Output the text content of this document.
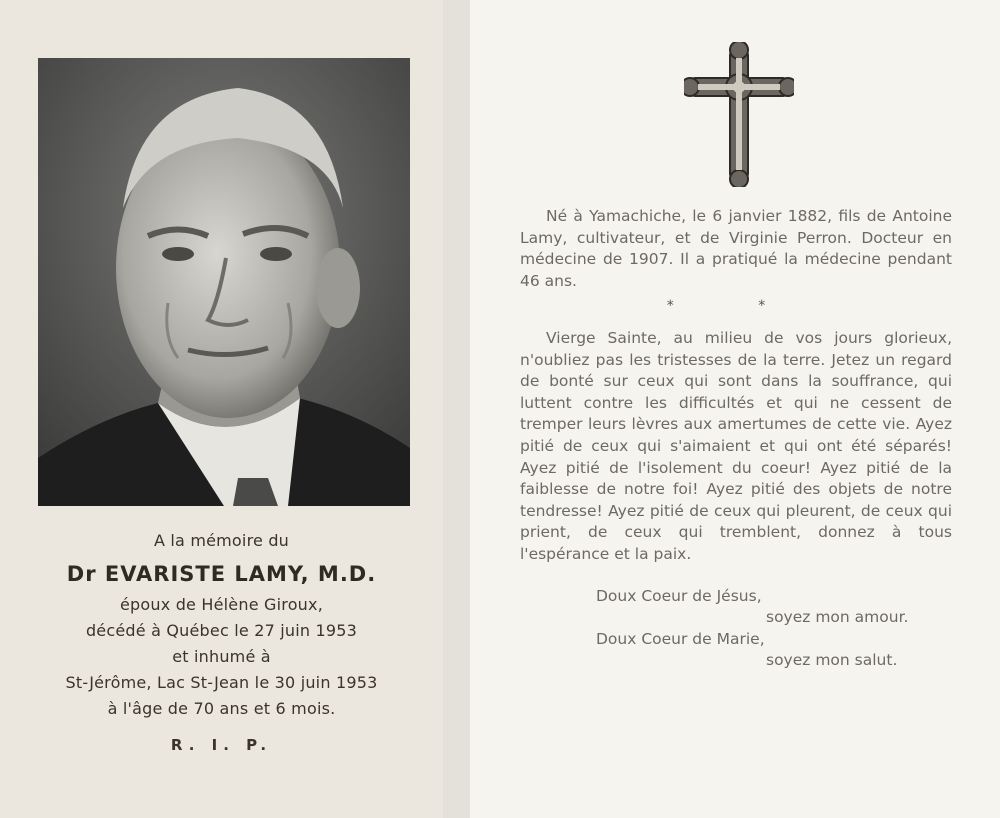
A la mémoire du
Dr EVARISTE LAMY, M.D.
époux de Hélène Giroux,
décédé à Québec le 27 juin 1953
et inhumé à
St-Jérôme, Lac St-Jean le 30 juin 1953
à l'âge de 70 ans et 6 mois.
R. I. P.

Né à Yamachiche, le 6 janvier 1882, fils de Antoine Lamy, cultivateur, et de Virginie Perron. Docteur en médecine de 1907. Il a pratiqué la médecine pendant 46 ans.

* *

Vierge Sainte, au milieu de vos jours glorieux, n'oubliez pas les tristesses de la terre. Jetez un regard de bonté sur ceux qui sont dans la souffrance, qui luttent contre les difficultés et qui ne cessent de tremper leurs lèvres aux amertumes de cette vie. Ayez pitié de ceux qui s'aimaient et qui ont été séparés! Ayez pitié de l'isolement du coeur! Ayez pitié de la faiblesse de notre foi! Ayez pitié des objets de notre tendresse! Ayez pitié de ceux qui pleurent, de ceux qui prient, de ceux qui tremblent, donnez à tous l'espérance et la paix.

Doux Coeur de Jésus,

soyez mon amour.

Doux Coeur de Marie,

soyez mon salut.
